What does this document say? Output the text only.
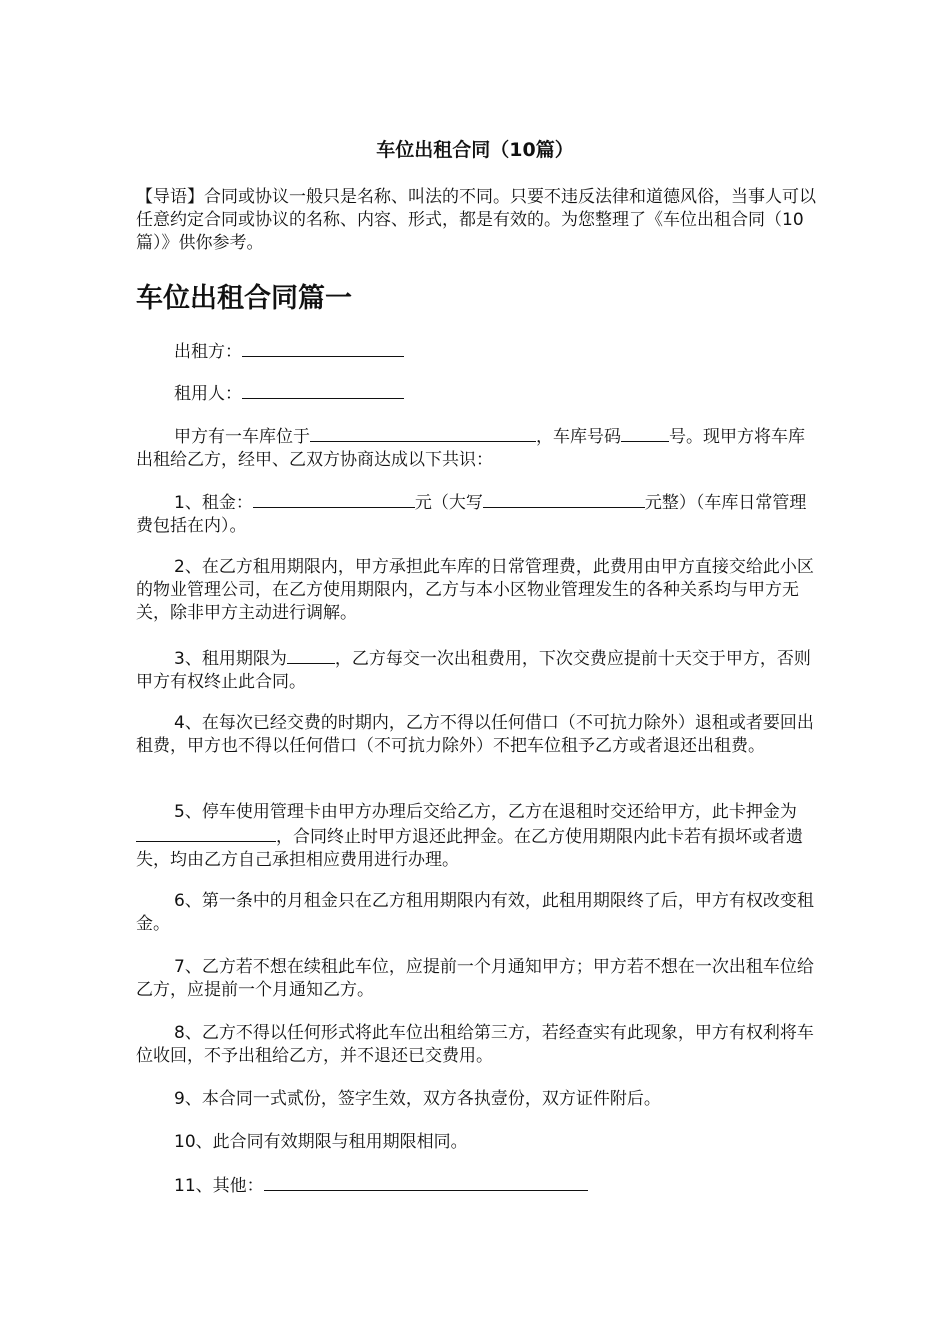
车位出租合同（10篇）
【导语】合同或协议一般只是名称、叫法的不同。只要不违反法律和道德风俗，当事人可以任意约定合同或协议的名称、内容、形式，都是有效的。为您整理了《车位出租合同（10篇）》供你参考。
车位出租合同篇一
出租方：
租用人：
甲方有一车库位于	，车库号码	号。现甲方将车库出租给乙方，经甲、乙双方协商达成以下共识：
1、租金：	元（大写	元整）（车库日常管理费包括在内）。
2、在乙方租用期限内，甲方承担此车库的日常管理费，此费用由甲方直接交给此小区的物业管理公司，在乙方使用期限内，乙方与本小区物业管理发生的各种关系均与甲方无关，除非甲方主动进行调解。
3、租用期限为	，乙方每交一次出租费用，下次交费应提前十天交于甲方，否则甲方有权终止此合同。
4、在每次已经交费的时期内，乙方不得以任何借口（不可抗力除外）退租或者要回出租费，甲方也不得以任何借口（不可抗力除外）不把车位租予乙方或者退还出租费。
5、停车使用管理卡由甲方办理后交给乙方，乙方在退租时交还给甲方，此卡押金为，合同终止时甲方退还此押金。在乙方使用期限内此卡若有损坏或者遗失，均由乙方自己承担相应费用进行办理。
6、第一条中的月租金只在乙方租用期限内有效，此租用期限终了后，甲方有权改变租金。
7、乙方若不想在续租此车位，应提前一个月通知甲方；甲方若不想在一次出租车位给乙方，应提前一个月通知乙方。
8、乙方不得以任何形式将此车位出租给第三方，若经查实有此现象，甲方有权利将车位收回，不予出租给乙方，并不退还已交费用。
9、本合同一式贰份，签字生效，双方各执壹份，双方证件附后。
10、此合同有效期限与租用期限相同。
11、其他：
